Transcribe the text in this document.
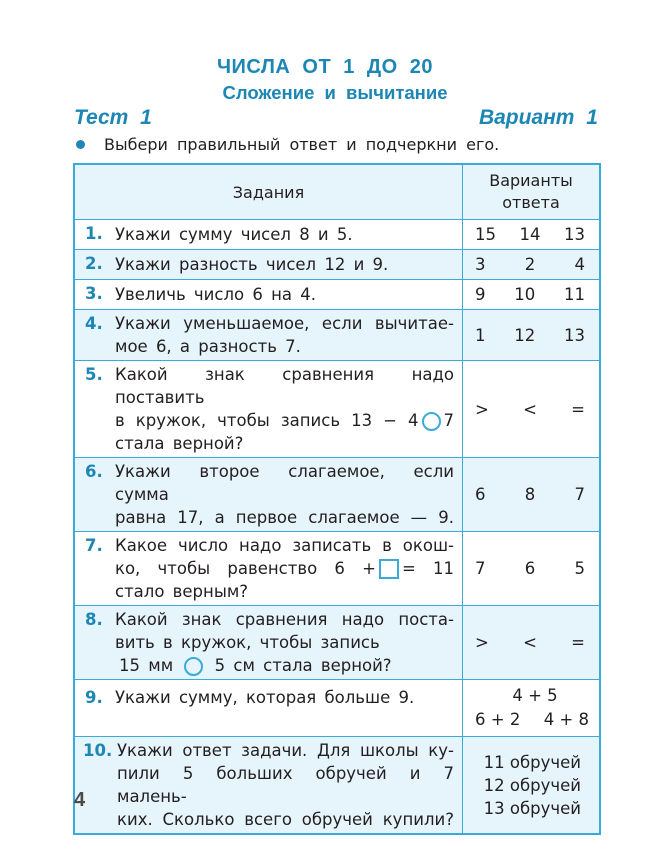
ЧИСЛА ОТ 1 ДО 20
Сложение и вычитание
Тест 1	Вариант 1
Выбери правильный ответ и подчеркни его.
Задания	Варианты
ответа

1. Укажи сумму чисел 8 и 5.	15 14 13

2. Укажи разность чисел 12 и 9.	3 2 4

3. Увеличь число 6 на 4.	9 10 11

4. Укажи уменьшаемое, если вычитае-
мое 6, а разность 7.	1 12 13

5. Какой знак сравнения надо поставить
в кружок, чтобы запись 13 − 4 7
стала верной?	> < =

6. Укажи второе слагаемое, если сумма
равна 17, а первое слагаемое — 9.	6 8 7

7. Какое число надо записать в окош-
ко, чтобы равенство 6 + = 11
стало верным?	7 6 5

8. Какой знак сравнения надо поста-
вить в кружок, чтобы запись
15 мм 5 см стала верной?	> < =

9. Укажи сумму, которая больше 9.	4 + 5
6 + 2 4 + 8

10. Укажи ответ задачи. Для школы ку-
пили 5 больших обручей и 7 малень-
ких. Сколько всего обручей купили?	11 обручей
12 обручей
13 обручей
4
